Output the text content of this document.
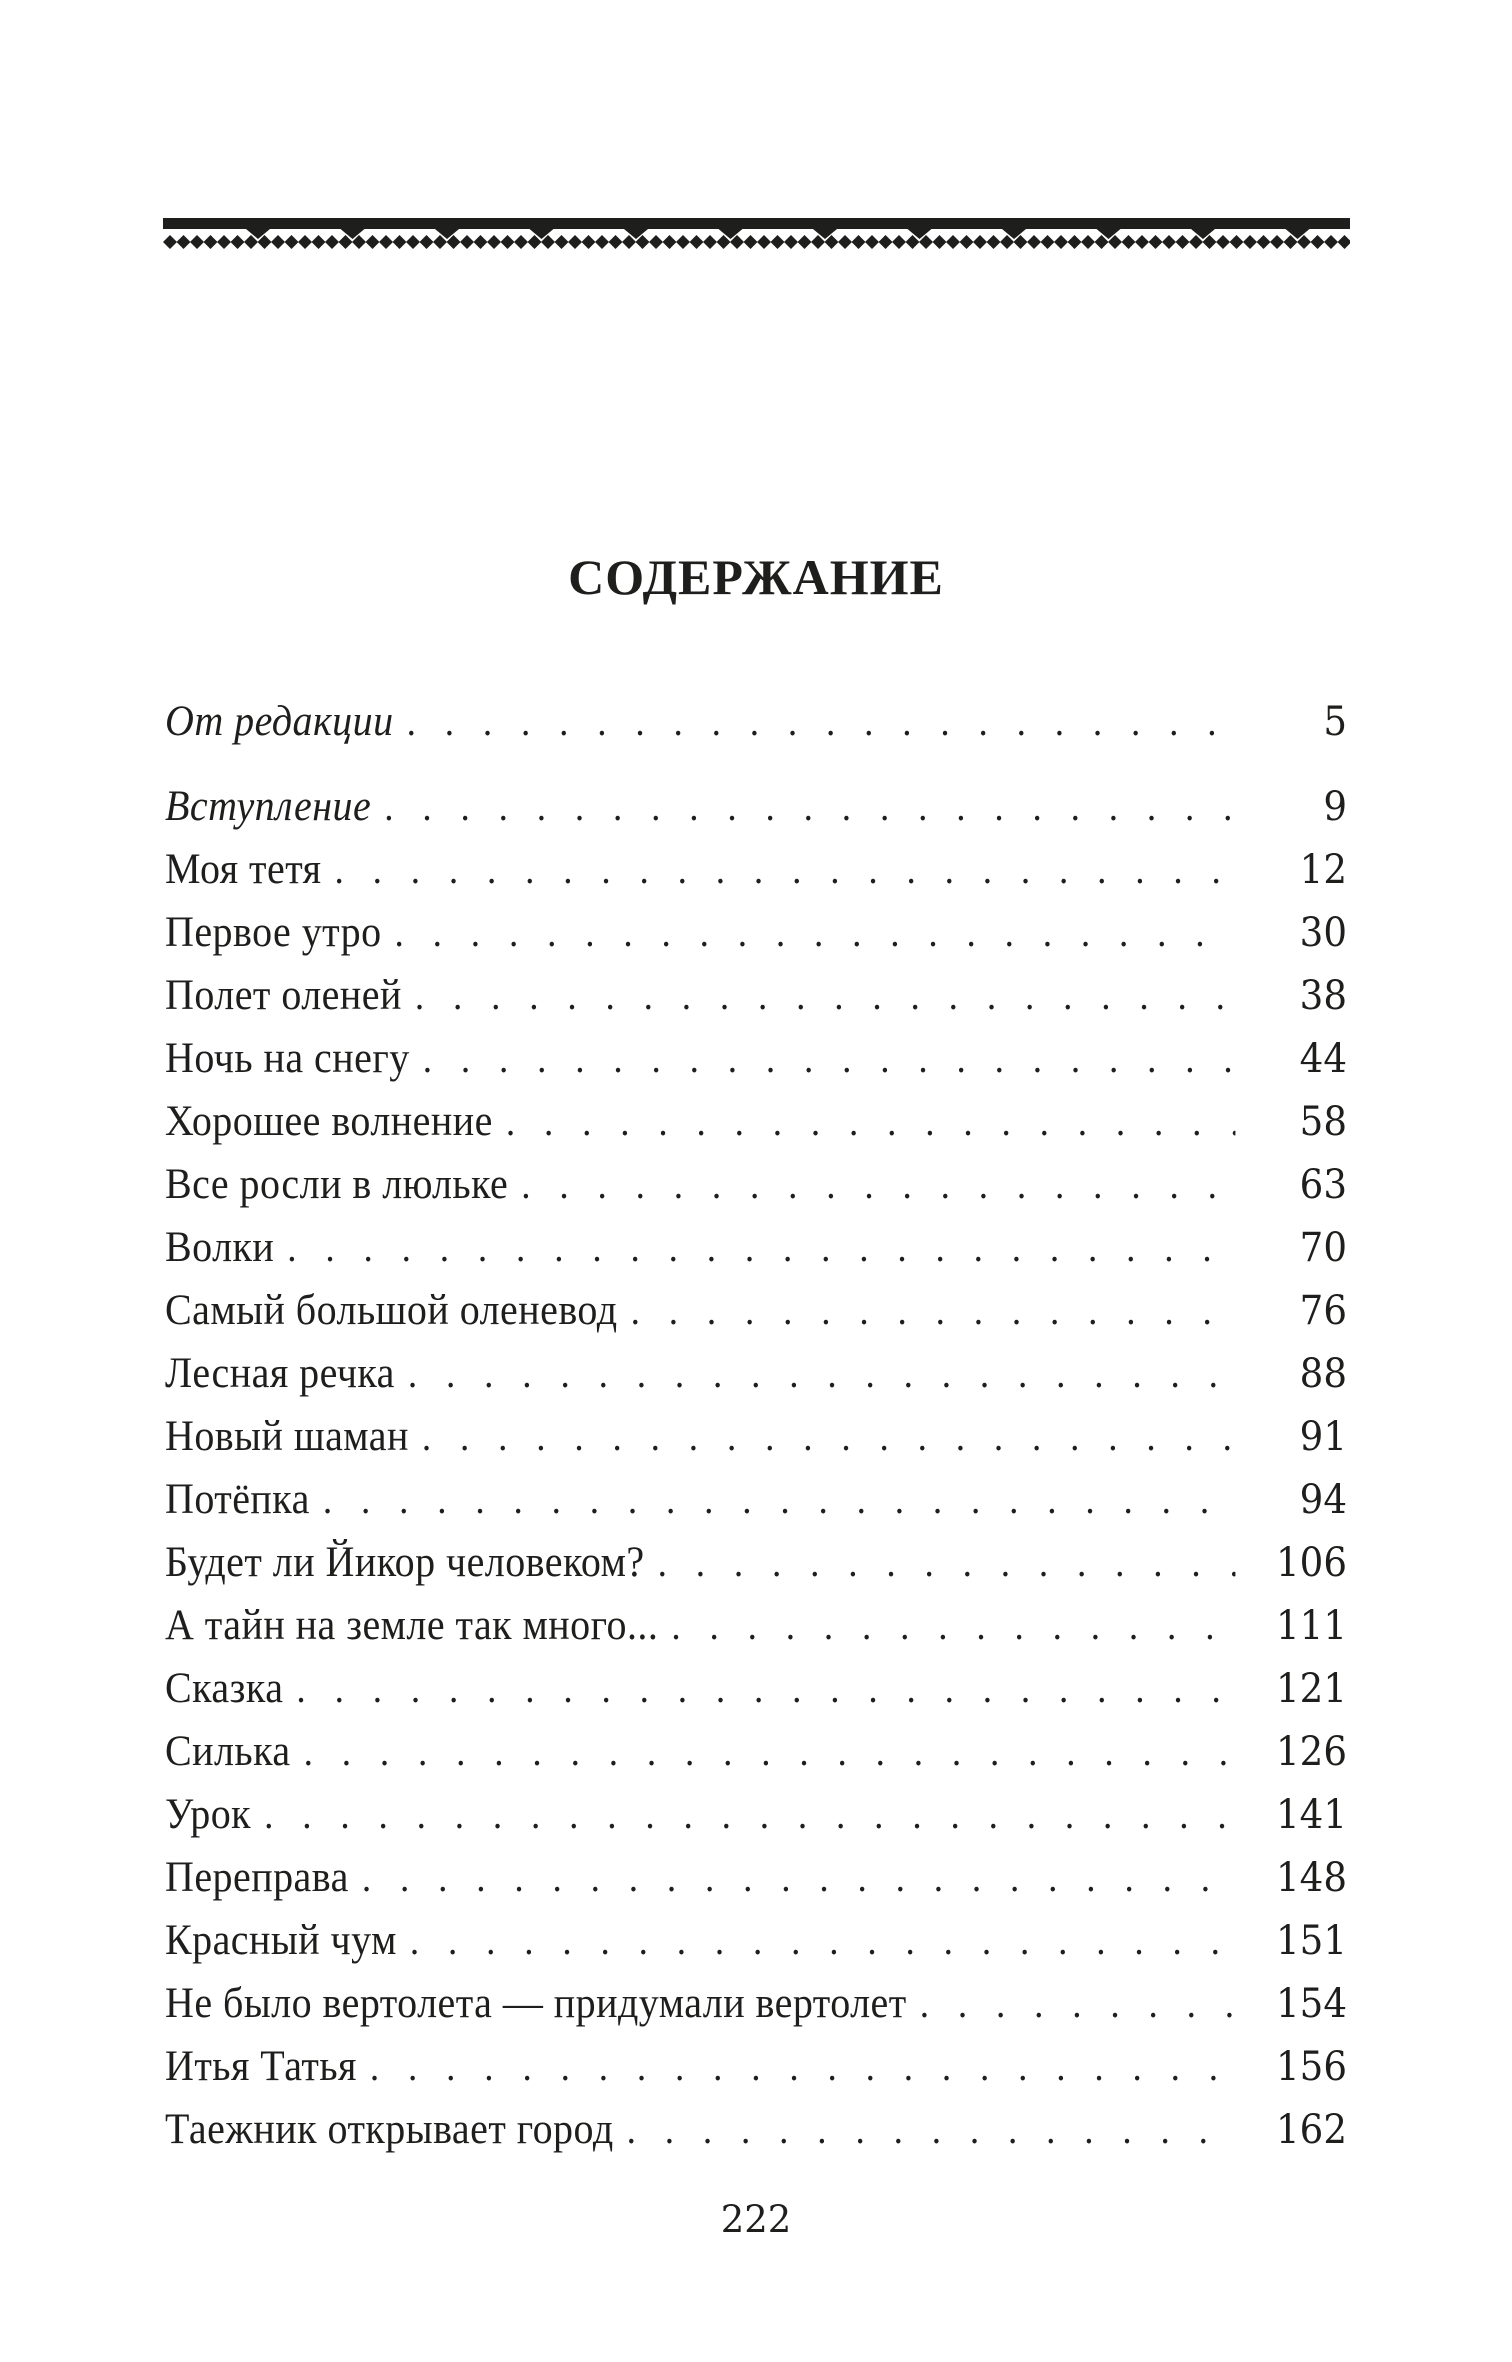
СОДЕРЖАНИЕ
От редакции . . .	5
Вступление . . .	9
Моя тетя . . .	12
Первое утро . . .	30
Полет оленей . . .	38
Ночь на снегу . . .	44
Хорошее волнение . . .	58
Все росли в люльке . . .	63
Волки . . .	70
Самый большой оленевод . . .	76
Лесная речка . . .	88
Новый шаман . . .	91
Потёпка . . .	94
Будет ли Йикор человеком? . . .	106
А тайн на земле так много... . . .	111
Сказка . . .	121
Силька . . .	126
Урок . . .	141
Переправа . . .	148
Красный чум . . .	151
Не было вертолета — придумали вертолет . . .	154
Итья Татья . . .	156
Таежник открывает город . . .	162
222
